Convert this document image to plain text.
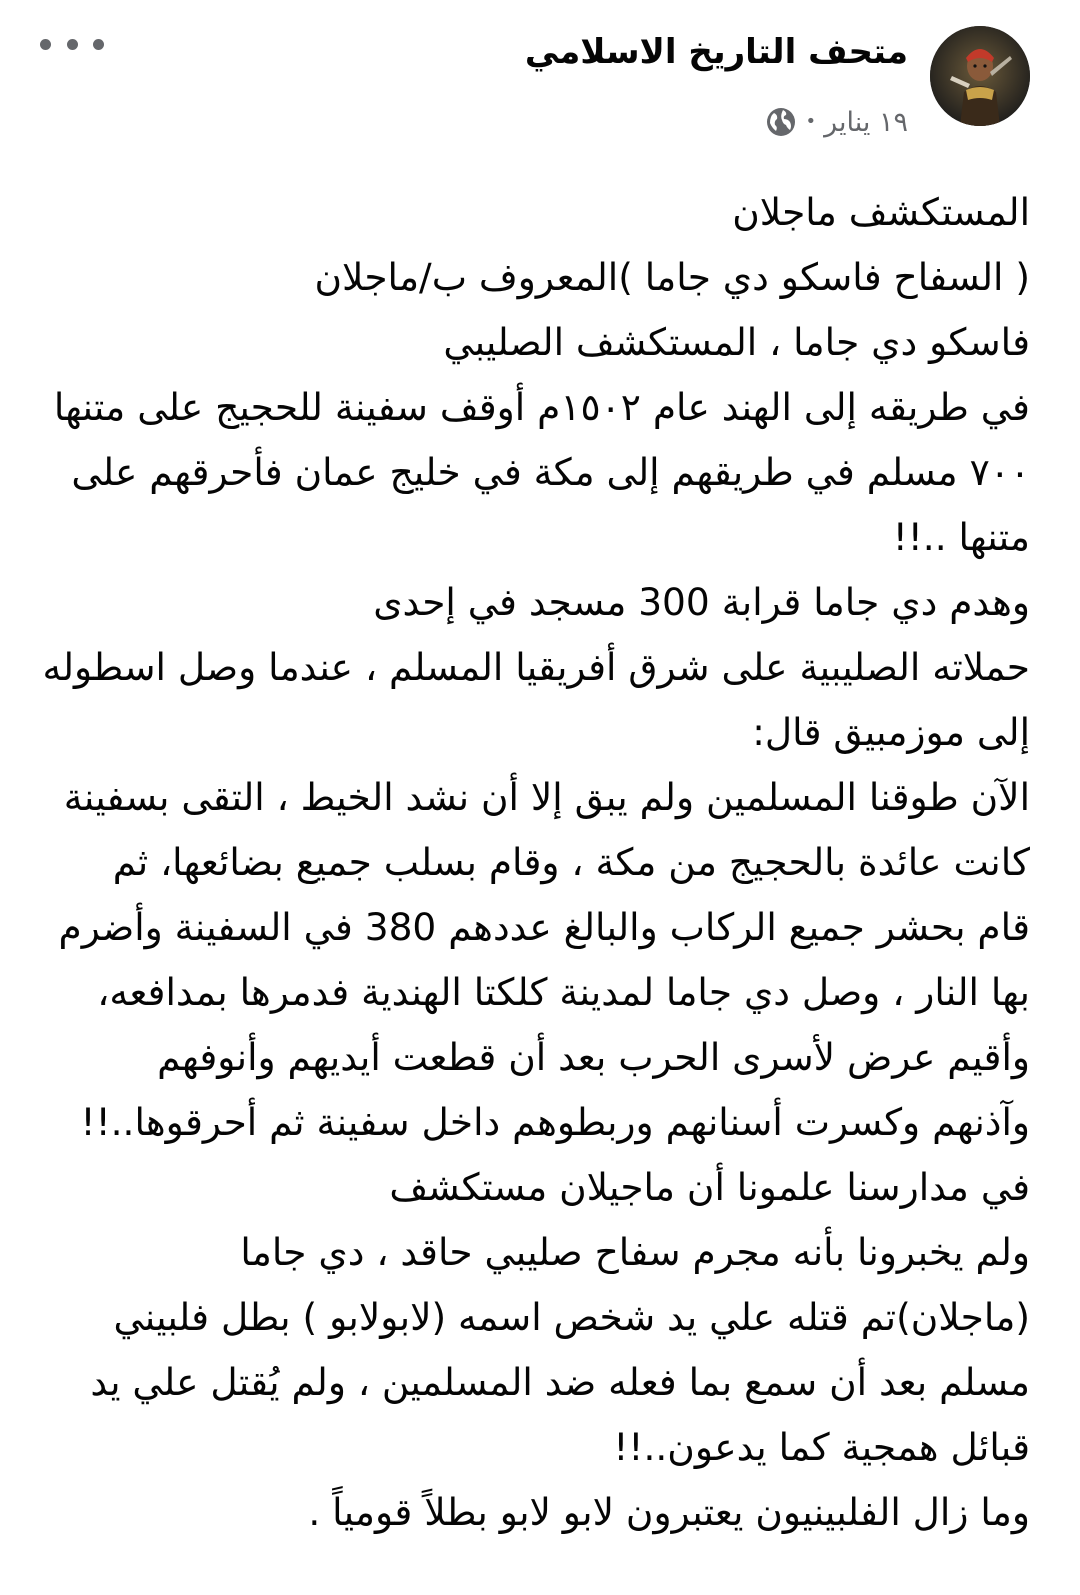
متحف التاريخ الاسلامي
١٩ يناير
•
المستكشف ماجلان
( السفاح فاسكو دي جاما )المعروف ب/ماجلان
فاسكو دي جاما ، المستكشف الصليبي
في طريقه إلى الهند عام ١٥٠٢م أوقف سفينة للحجيج على متنها
٧٠٠ مسلم في طريقهم إلى مكة في خليج عمان فأحرقهم على
متنها ..!!
وهدم دي جاما قرابة 300 مسجد في إحدى
حملاته الصليبية على شرق أفريقيا المسلم ، عندما وصل اسطوله
إلى موزمبيق قال:
الآن طوقنا المسلمين ولم يبق إلا أن نشد الخيط ، التقى بسفينة
كانت عائدة بالحجيج من مكة ، وقام بسلب جميع بضائعها، ثم
قام بحشر جميع الركاب والبالغ عددهم 380 في السفينة وأضرم
بها النار ، وصل دي جاما لمدينة كلكتا الهندية فدمرها بمدافعه،
وأقيم عرض لأسرى الحرب بعد أن قطعت أيديهم وأنوفهم
وآذنهم وكسرت أسنانهم وربطوهم داخل سفينة ثم أحرقوها..!!
في مدارسنا علمونا أن ماجيلان مستكشف
ولم يخبرونا بأنه مجرم سفاح صليبي حاقد ، دي جاما
(ماجلان)تم قتله علي يد شخص اسمه (لابولابو ) بطل فلبيني
مسلم بعد أن سمع بما فعله ضد المسلمين ، ولم يُقتل علي يد
قبائل همجية كما يدعون..!!
وما زال الفلبينيون يعتبرون لابو لابو بطلاً قومياً .
